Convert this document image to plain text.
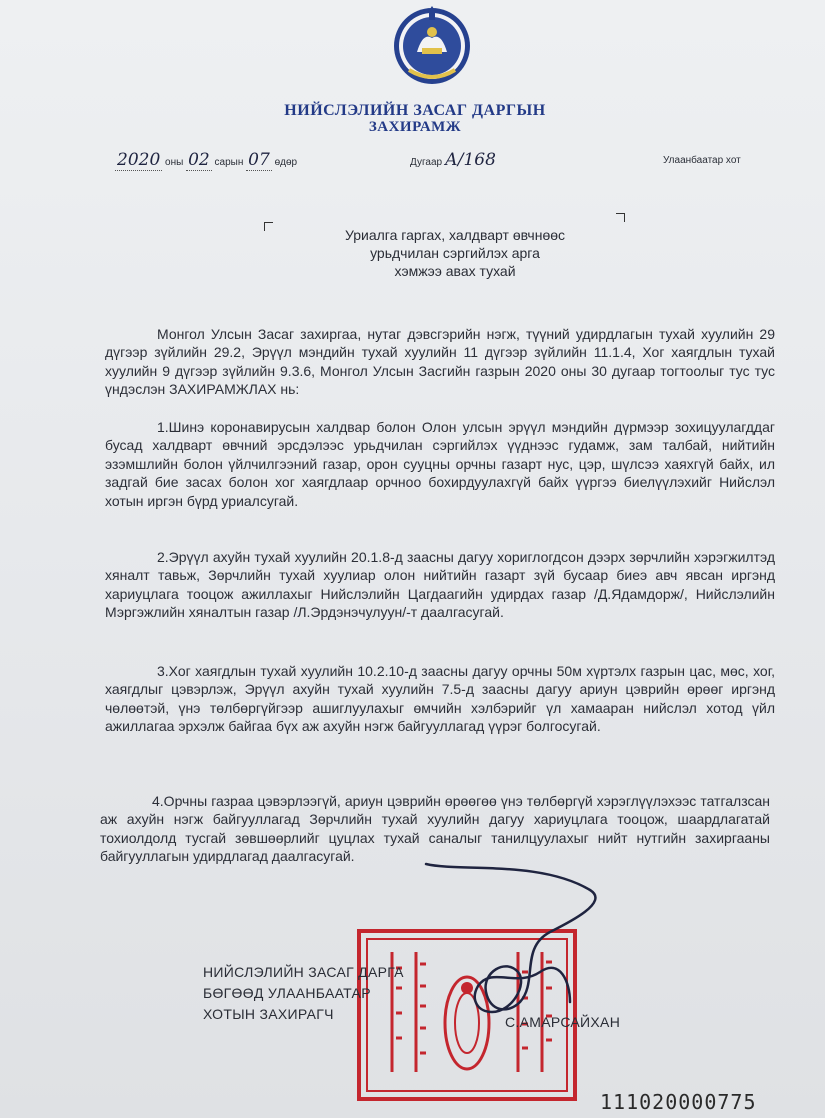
НИЙСЛЭЛИЙН ЗАСАГ ДАРГЫН
ЗАХИРАМЖ
2020 оны 02 сарын 07 өдөр	Дугаар А/168	Улаанбаатар хот
Уриалга гаргах, халдварт өвчнөөс
урьдчилан сэргийлэх арга
хэмжээ авах тухай
Монгол Улсын Засаг захиргаа, нутаг дэвсгэрийн нэгж, түүний удирдлагын тухай хуулийн 29 дүгээр зүйлийн 29.2, Эрүүл мэндийн тухай хуулийн 11 дүгээр зүйлийн 11.1.4, Хог хаягдлын тухай хуулийн 9 дүгээр зүйлийн 9.3.6, Монгол Улсын Засгийн газрын 2020 оны 30 дугаар тогтоолыг тус тус үндэслэн ЗАХИРАМЖЛАХ нь:
1.Шинэ коронавирусын халдвар болон Олон улсын эрүүл мэндийн дүрмээр зохицуулагддаг бусад халдварт өвчний эрсдэлээс урьдчилан сэргийлэх үүднээс гудамж, зам талбай, нийтийн эзэмшлийн болон үйлчилгээний газар, орон сууцны орчны газарт нус, цэр, шүлсээ хаяхгүй байх, ил задгай бие засах болон хог хаягдлаар орчноо бохирдуулахгүй байх үүргээ биелүүлэхийг Нийслэл хотын иргэн бүрд уриалсугай.
2.Эрүүл ахуйн тухай хуулийн 20.1.8-д заасны дагуу хориглогдсон дээрх зөрчлийн хэрэгжилтэд хяналт тавьж, Зөрчлийн тухай хуулиар олон нийтийн газарт зүй бусаар биеэ авч явсан иргэнд хариуцлага тооцож ажиллахыг Нийслэлийн Цагдаагийн удирдах газар /Д.Ядамдорж/, Нийслэлийн Мэргэжлийн хяналтын газар /Л.Эрдэнэчулуун/-т даалгасугай.
3.Хог хаягдлын тухай хуулийн 10.2.10-д заасны дагуу орчны 50м хүртэлх газрын цас, мөс, хог, хаягдлыг цэвэрлэж, Эрүүл ахуйн тухай хуулийн 7.5-д заасны дагуу ариун цэврийн өрөөг иргэнд чөлөөтэй, үнэ төлбөргүйгээр ашиглуулахыг өмчийн хэлбэрийг үл хамааран нийслэл хотод үйл ажиллагаа эрхэлж байгаа бүх аж ахуйн нэгж байгууллагад үүрэг болгосугай.
4.Орчны газраа цэвэрлээгүй, ариун цэврийн өрөөгөө үнэ төлбөргүй хэрэглүүлэхээс татгалзсан аж ахуйн нэгж байгууллагад Зөрчлийн тухай хуулийн дагуу хариуцлага тооцож, шаардлагатай тохиолдолд тусгай зөвшөөрлийг цуцлах тухай саналыг танилцуулахыг нийт нутгийн захиргааны байгууллагын удирдлагад даалгасугай.
НИЙСЛЭЛИЙН ЗАСАГ ДАРГА
БӨГӨӨД УЛААНБААТАР
ХОТЫН ЗАХИРАГЧ	С.АМАРСАЙХАН
111020000775
